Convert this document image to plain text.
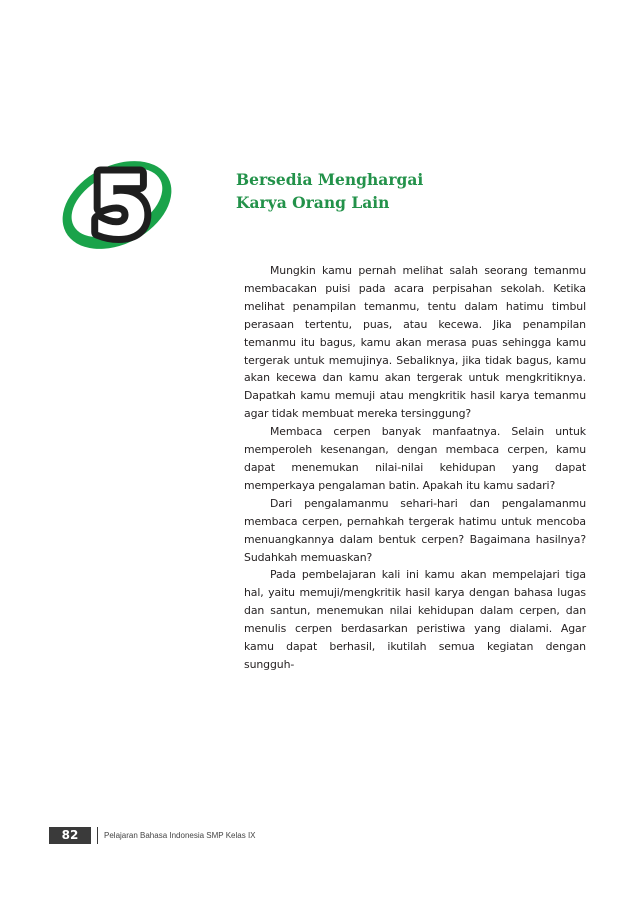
5	Bersedia Menghargai
Karya Orang Lain

Mungkin kamu pernah melihat salah seorang temanmu membacakan puisi pada acara perpisahan sekolah. Ketika melihat penampilan temanmu, tentu dalam hatimu timbul perasaan tertentu, puas, atau kecewa. Jika penampilan temanmu itu bagus, kamu akan merasa puas sehingga kamu tergerak untuk memujinya. Sebaliknya, jika tidak bagus, kamu akan kecewa dan kamu akan tergerak untuk mengkritiknya. Dapatkah kamu memuji atau mengkritik hasil karya temanmu agar tidak membuat mereka tersinggung?

Membaca cerpen banyak manfaatnya. Selain untuk memperoleh kesenangan, dengan membaca cerpen, kamu dapat menemukan nilai-nilai kehidupan yang dapat memperkaya pengalaman batin. Apakah itu kamu sadari?

Dari pengalamanmu sehari-hari dan pengalamanmu membaca cerpen, pernahkah tergerak hatimu untuk mencoba menuangkannya dalam bentuk cerpen? Bagaimana hasilnya? Sudahkah memuaskan?

Pada pembelajaran kali ini kamu akan mempelajari tiga hal, yaitu memuji/mengkritik hasil karya dengan bahasa lugas dan santun, menemukan nilai kehidupan dalam cerpen, dan menulis cerpen berdasarkan peristiwa yang dialami. Agar kamu dapat berhasil, ikutilah semua kegiatan dengan sungguh-

82	Pelajaran Bahasa Indonesia SMP Kelas IX
